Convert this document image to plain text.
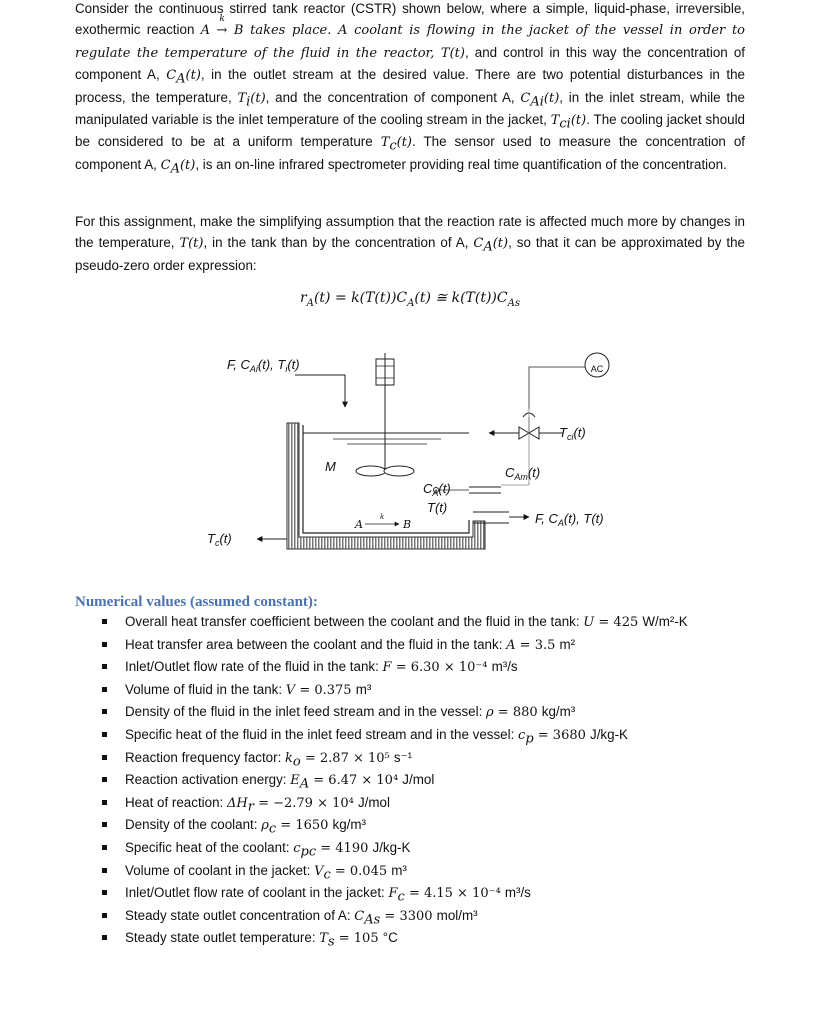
Consider the continuous stirred tank reactor (CSTR) shown below, where a simple, liquid-phase, irreversible, exothermic reaction A
k
→ B takes place. A coolant is flowing in the jacket of the vessel in order to regulate the temperature of the fluid in the reactor, T(t), and control in this way the concentration of component A, $C_A(t)$, in the outlet stream at the desired value. There are two potential disturbances in the process, the temperature, $T_i(t)$, and the concentration of component A, $C_{Ai}(t)$, in the inlet stream, while the manipulated variable is the inlet temperature of the cooling stream in the jacket, $T_{ci}(t)$. The cooling jacket should be considered to be at a uniform temperature $T_c(t)$. The sensor used to measure the concentration of component A, $C_A(t)$, is an on-line infrared spectrometer providing real time quantification of the concentration.

For this assignment, make the simplifying assumption that the reaction rate is affected much more by changes in the temperature, T(t), in the tank than by the concentration of A, $C_A(t)$, so that it can be approximated by the pseudo-zero order expression:

$r_A(t) = k(T(t))C_A(t)$ ≅ $k(T(t))C_{As}$
AC
A
k
B
F, $C_{Ai}(t)$, $T_i(t)$
M
$C_A(t)$
T(t)
$C_{Am}(t)$
F, $C_A(t)$, T(t)
$T_{ci}(t)$
$T_c(t)$
Numerical values (assumed constant):
Overall heat transfer coefficient between the coolant and the fluid in the tank: U = 425 W/m²-K
Heat transfer area between the coolant and the fluid in the tank: A = 3.5 m²
Inlet/Outlet flow rate of the fluid in the tank: F = 6.30 × 10⁻⁴ m³/s
Volume of fluid in the tank: V = 0.375 m³
Density of the fluid in the inlet feed stream and in the vessel: ρ = 880 kg/m³
Specific heat of the fluid in the inlet feed stream and in the vessel: $c_p = 3680$ J/kg-K
Reaction frequency factor: $k_o = 2.87 \times 10^5$ s⁻¹
Reaction activation energy: $E_A = 6.47 \times 10^4$ J/mol
Heat of reaction: $\Delta H_r = -2.79 \times 10^4$ J/mol
Density of the coolant: $\rho_c = 1650$ kg/m³
Specific heat of the coolant: $c_{pc} = 4190$ J/kg-K
Volume of coolant in the jacket: $V_c = 0.045$ m³
Inlet/Outlet flow rate of coolant in the jacket: $F_c = 4.15 \times 10^{-4}$ m³/s
Steady state outlet concentration of A: $C_{As} = 3300$ mol/m³
Steady state outlet temperature: $T_s = 105$ °C
